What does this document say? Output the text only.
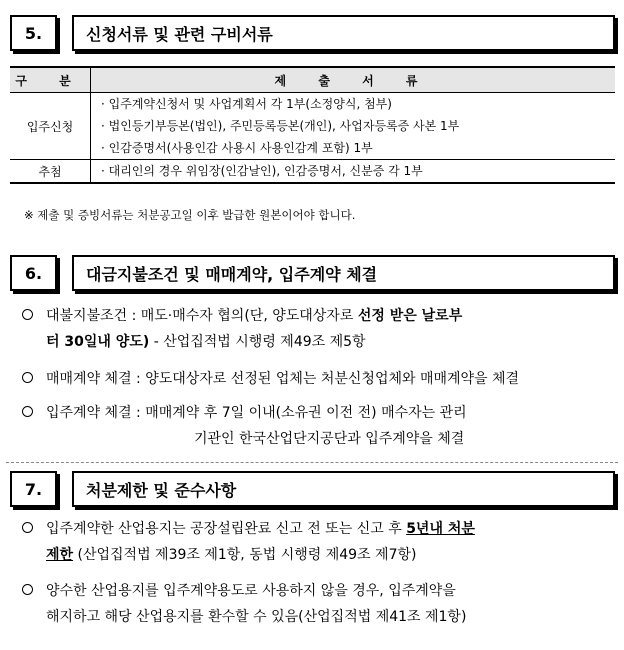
5.	신청서류 및 관련 구비서류
구 분	제 출 서 류
입주신청	· 입주계약신청서 및 사업계획서 각 1부(소정양식, 첨부)
· 법인등기부등본(법인), 주민등록등본(개인), 사업자등록증 사본 1부
· 인감증명서(사용인감 사용시 사용인감계 포함) 1부

추첨	· 대리인의 경우 위임장(인감날인), 인감증명서, 신분증 각 1부
※ 제출 및 증빙서류는 처분공고일 이후 발급한 원본이어야 합니다.
6.	대금지불조건 및 매매계약, 입주계약 체결
대불지불조건 : 매도·매수자 협의(단, 양도대상자로 선정 받은 날로부
터 30일내 양도) - 산업집적법 시행령 제49조 제5항
매매계약 체결 : 양도대상자로 선정된 업체는 처분신청업체와 매매계약을 체결
입주계약 체결 : 매매계약 후 7일 이내(소유권 이전 전) 매수자는 관리
기관인 한국산업단지공단과 입주계약을 체결
7.	처분제한 및 준수사항
입주계약한 산업용지는 공장설립완료 신고 전 또는 신고 후 5년내 처분
제한 (산업집적법 제39조 제1항, 동법 시행령 제49조 제7항)
양수한 산업용지를 입주계약용도로 사용하지 않을 경우, 입주계약을
해지하고 해당 산업용지를 환수할 수 있음(산업집적법 제41조 제1항)
